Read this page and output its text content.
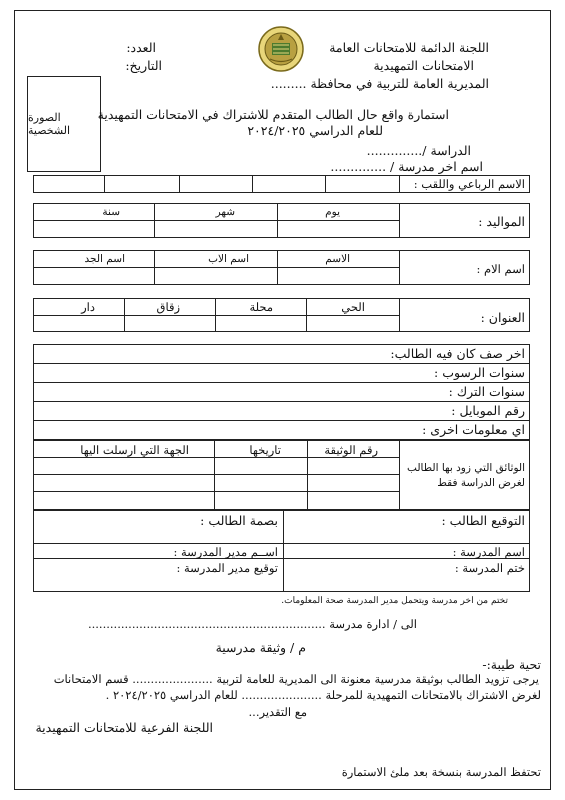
اللجنة الدائمة للامتحانات العامة
الامتحانات التمهيدية
المديرية العامة للتربية في محافظة .........
العدد:
التاريخ:
الصورة الشخصية
استمارة واقع حال الطالب المتقدم للاشتراك في الامتحانات التمهيدية
للعام الدراسي ٢٠٢٤/٢٠٢٥
الدراسة /..............
اسم اخر مدرسة / ..............
الاسم الرباعي واللقب :
يوم
شهر
سنة
المواليد :
الاسم
اسم الاب
اسم الجد
اسم الام :
الحي
محلة
زقاق
دار
العنوان :
اخر صف كان فيه الطالب:
سنوات الرسوب :
سنوات الترك :
رقم الموبايل :
اي معلومات اخرى :
رقم الوثيقة
تاريخها
الجهة التي ارسلت اليها
الوثائق التي زود بها الطالب
لغرض الدراسة فقط
التوقيع الطالب :
بصمة الطالب :
اسم المدرسة :
اســم مدير المدرسة :
ختم المدرسة :
توقيع مدير المدرسة :
تختم من اخر مدرسة ويتحمل مدير المدرسة صحة المعلومات.
الى / ادارة مدرسة .................................................................
م / وثيقة مدرسية
تحية طيبة:-
يرجى تزويد الطالب بوثيقة مدرسية معنونة الى المديرية للعامة لتربية ...................... قسم الامتحانات
لغرض الاشتراك بالامتحانات التمهيدية للمرحلة ...................... للعام الدراسي ٢٠٢٤/٢٠٢٥ .
مع التقدير...
اللجنة الفرعية للامتحانات التمهيدية
تحتفظ المدرسة بنسخة بعد ملئ الاستمارة
